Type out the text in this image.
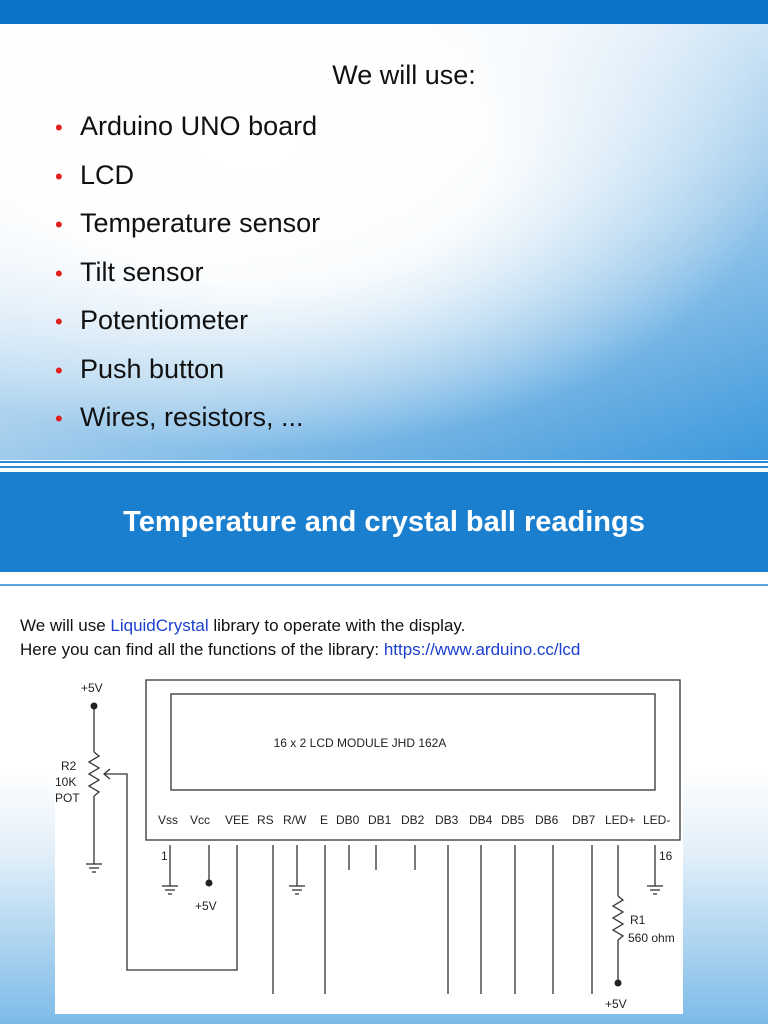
We will use:
• Arduino UNO board
• LCD
• Temperature sensor
• Tilt sensor
• Potentiometer
• Push button
• Wires, resistors, ...
Temperature and crystal ball readings
We will use LiquidCrystal library to operate with the display.
Here you can find all the functions of the library: https://www.arduino.cc/lcd
16 x 2 LCD MODULE JHD 162A
+5V
R2
10K
POT
Vss Vcc VEE RS R/W E DB0 DB1 DB2 DB3 DB4 DB5 DB6 DB7 LED+ LED-
1	16
+5V
R1
560 ohm
+5V
